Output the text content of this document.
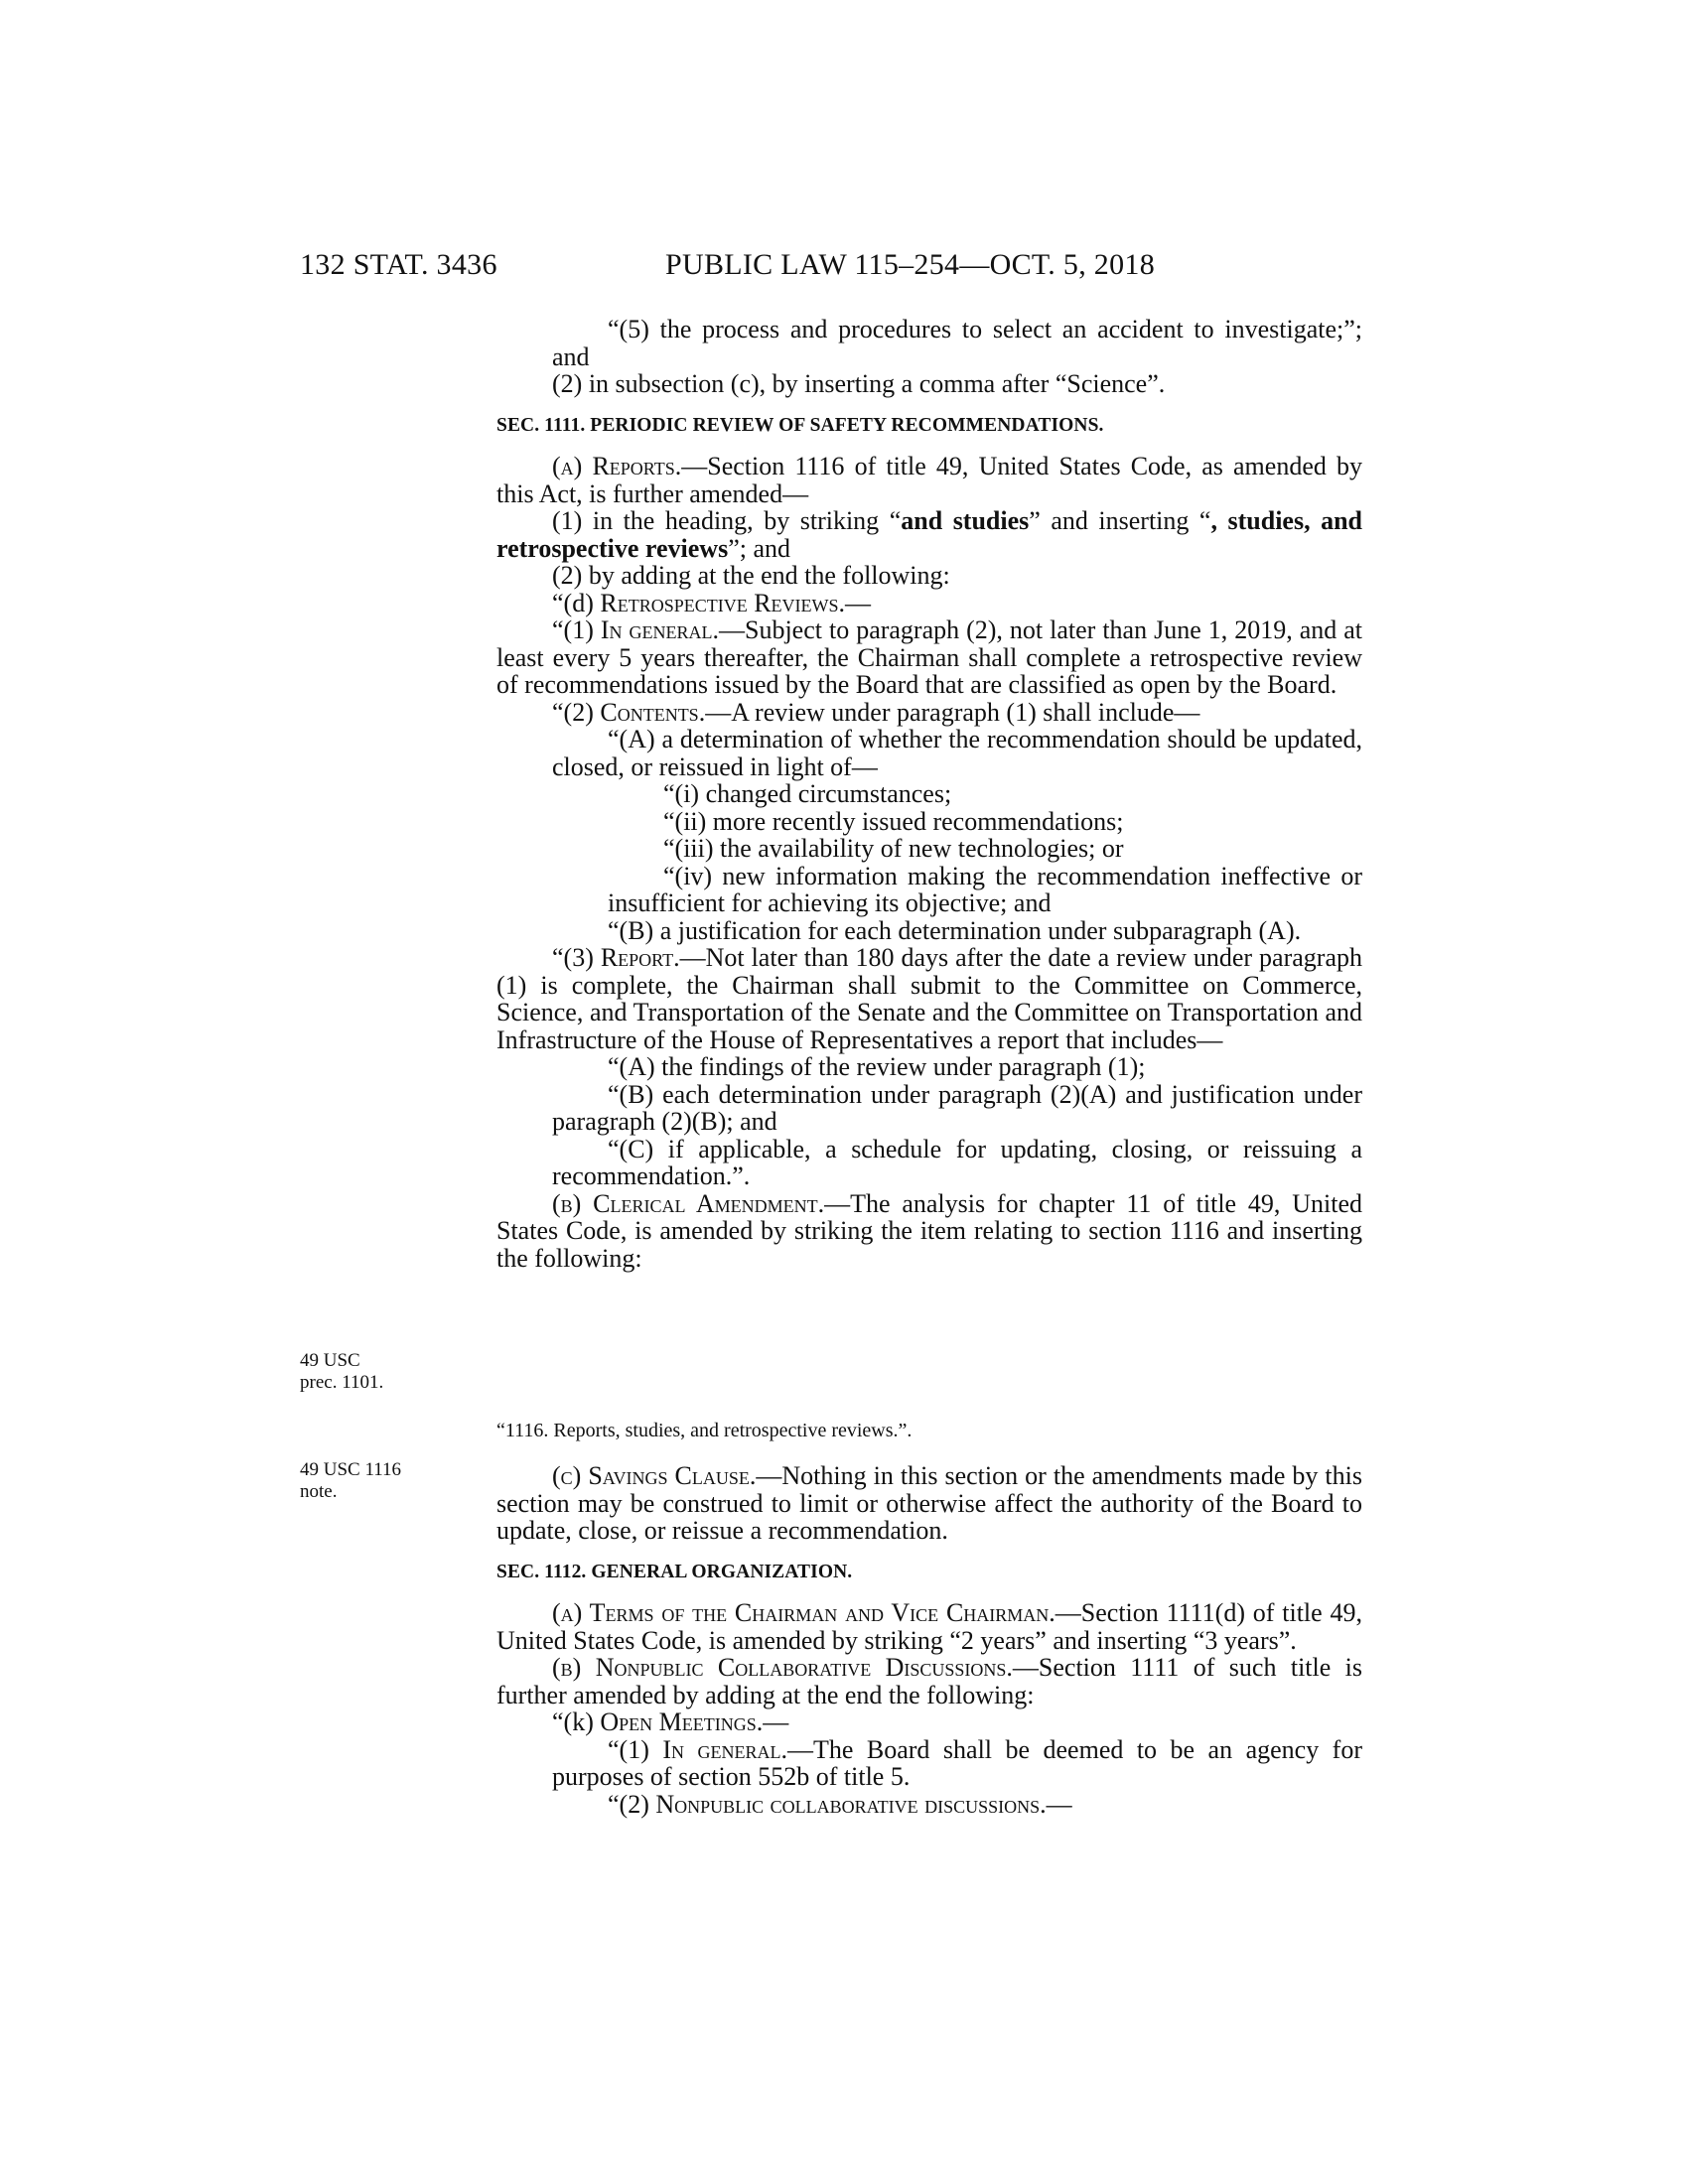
132 STAT. 3436	PUBLIC LAW 115–254—OCT. 5, 2018

“(5) the process and procedures to select an accident to investigate;”; and

(2) in subsection (c), by inserting a comma after “Science”.

SEC. 1111. PERIODIC REVIEW OF SAFETY RECOMMENDATIONS.

(a) Reports.—Section 1116 of title 49, United States Code, as amended by this Act, is further amended—

(1) in the heading, by striking “and studies” and inserting “, studies, and retrospective reviews”; and

(2) by adding at the end the following:

“(d) Retrospective Reviews.—

“(1) In general.—Subject to paragraph (2), not later than June 1, 2019, and at least every 5 years thereafter, the Chairman shall complete a retrospective review of recommendations issued by the Board that are classified as open by the Board.

“(2) Contents.—A review under paragraph (1) shall include—

“(A) a determination of whether the recommendation should be updated, closed, or reissued in light of—

“(i) changed circumstances;

“(ii) more recently issued recommendations;

“(iii) the availability of new technologies; or

“(iv) new information making the recommendation ineffective or insufficient for achieving its objective; and

“(B) a justification for each determination under subparagraph (A).

“(3) Report.—Not later than 180 days after the date a review under paragraph (1) is complete, the Chairman shall submit to the Committee on Commerce, Science, and Transportation of the Senate and the Committee on Transportation and Infrastructure of the House of Representatives a report that includes—

“(A) the findings of the review under paragraph (1);

“(B) each determination under paragraph (2)(A) and justification under paragraph (2)(B); and

“(C) if applicable, a schedule for updating, closing, or reissuing a recommendation.”.

(b) Clerical Amendment.—The analysis for chapter 11 of title 49, United States Code, is amended by striking the item relating to section 1116 and inserting the following:

49 USC
prec. 1101.

“1116. Reports, studies, and retrospective reviews.”.

49 USC 1116
note.

(c) Savings Clause.—Nothing in this section or the amendments made by this section may be construed to limit or otherwise affect the authority of the Board to update, close, or reissue a recommendation.

SEC. 1112. GENERAL ORGANIZATION.

(a) Terms of the Chairman and Vice Chairman.—Section 1111(d) of title 49, United States Code, is amended by striking “2 years” and inserting “3 years”.

(b) Nonpublic Collaborative Discussions.—Section 1111 of such title is further amended by adding at the end the following:

“(k) Open Meetings.—

“(1) In general.—The Board shall be deemed to be an agency for purposes of section 552b of title 5.

“(2) Nonpublic collaborative discussions.—
